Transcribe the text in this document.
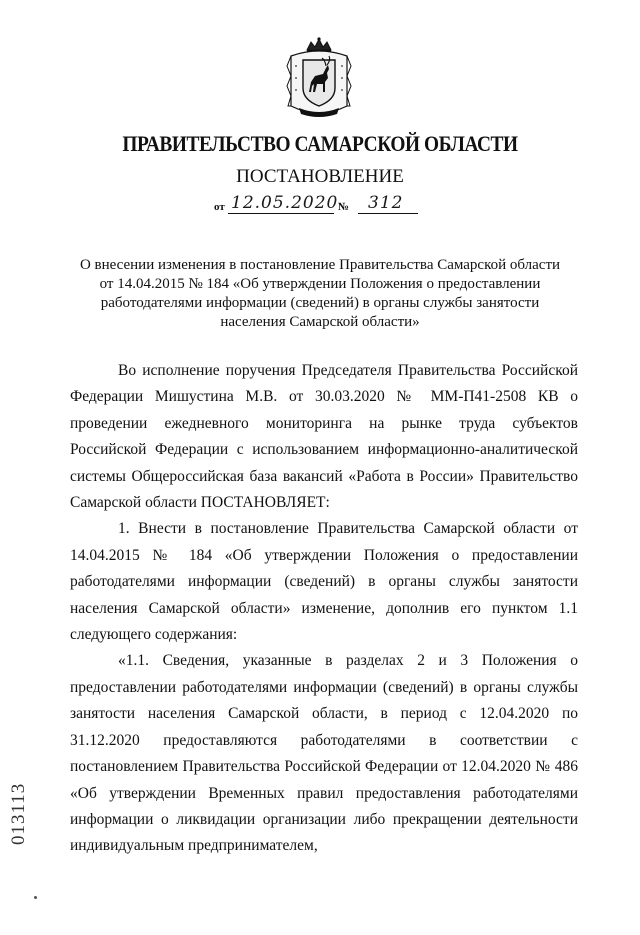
ПРАВИТЕЛЬСТВО САМАРСКОЙ ОБЛАСТИ
ПОСТАНОВЛЕНИЕ
от 12.05.2020 № 312
О внесении изменения в постановление Правительства Самарской области
от 14.04.2015 № 184 «Об утверждении Положения о предоставлении
работодателями информации (сведений) в органы службы занятости
населения Самарской области»

Во исполнение поручения Председателя Правительства Российской Федерации Мишустина М.В. от 30.03.2020 № ММ-П41-2508 КВ о проведении ежедневного мониторинга на рынке труда субъектов Российской Федерации с использованием информационно-аналитической системы Общероссийская база вакансий «Работа в России» Правительство Самарской области ПОСТАНОВЛЯЕТ:

1. Внести в постановление Правительства Самарской области от 14.04.2015 № 184 «Об утверждении Положения о предоставлении работодателями информации (сведений) в органы службы занятости населения Самарской области» изменение, дополнив его пунктом 1.1 следующего содержания:

«1.1. Сведения, указанные в разделах 2 и 3 Положения о предоставлении работодателями информации (сведений) в органы службы занятости населения Самарской области, в период с 12.04.2020 по 31.12.2020 предоставляются работодателями в соответствии с постановлением Правительства Российской Федерации от 12.04.2020 № 486 «Об утверждении Временных правил предоставления работодателями информации о ликвидации организации либо прекращении деятельности индивидуальным предпринимателем,

013113
